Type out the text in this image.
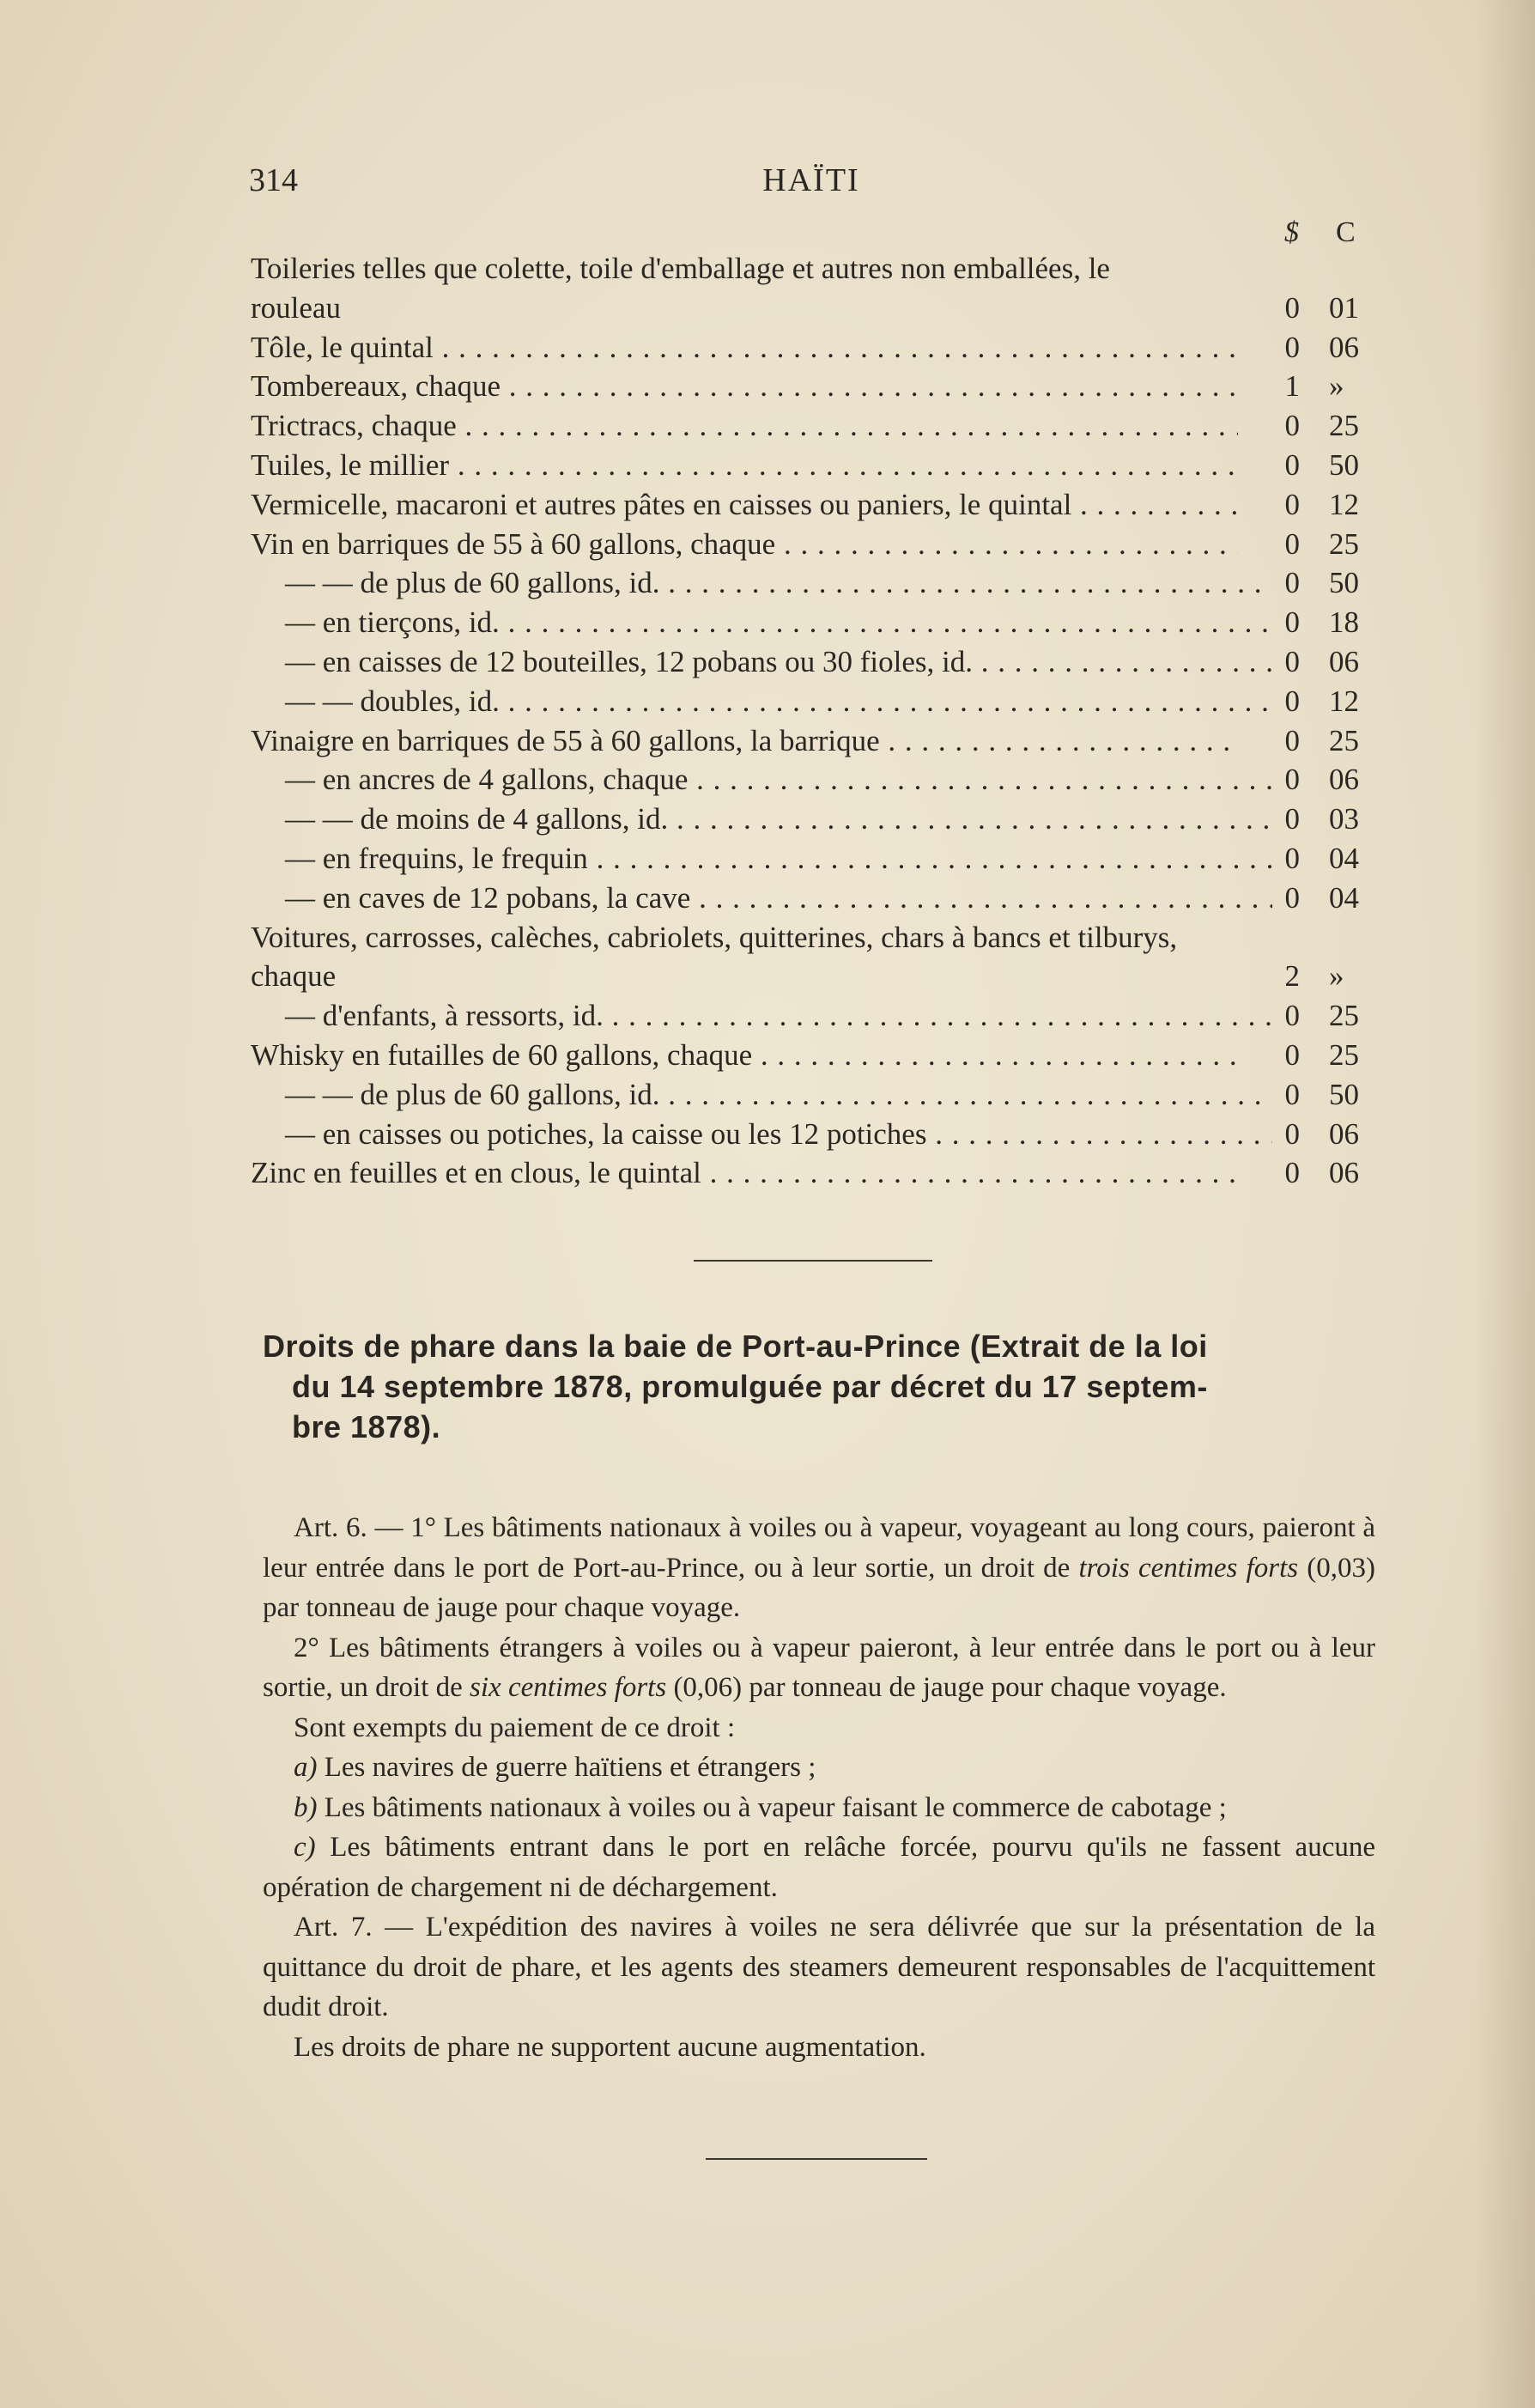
314	HAÏTI
$ C
Toileries telles que colette, toile d'emballage et autres non emballées, le rouleau	0 01
Tôle, le quintal . . .	0 06
Tombereaux, chaque . . .	1 »
Trictracs, chaque . . .	0 25
Tuiles, le millier . . .	0 50
Vermicelle, macaroni et autres pâtes en caisses ou paniers, le quintal . . .	0 12
Vin en barriques de 55 à 60 gallons, chaque . . .	0 25
— — de plus de 60 gallons, id. . . .	0 50
— en tierçons, id. . . .	0 18
— en caisses de 12 bouteilles, 12 pobans ou 30 fioles, id. . . .	0 06
— — doubles, id. . . .	0 12
Vinaigre en barriques de 55 à 60 gallons, la barrique . . .	0 25
— en ancres de 4 gallons, chaque . . .	0 06
— — de moins de 4 gallons, id. . . .	0 03
— en frequins, le frequin . . .	0 04
— en caves de 12 pobans, la cave . . .	0 04
Voitures, carrosses, calèches, cabriolets, quitterines, chars à bancs et tilburys, chaque	2 »
— d'enfants, à ressorts, id. . . .	0 25
Whisky en futailles de 60 gallons, chaque . . .	0 25
— — de plus de 60 gallons, id. . . .	0 50
— en caisses ou potiches, la caisse ou les 12 potiches . . .	0 06
Zinc en feuilles et en clous, le quintal . . .	0 06
Droits de phare dans la baie de Port-au-Prince (Extrait de la loi
du 14 septembre 1878, promulguée par décret du 17 septem-
bre 1878).

Art. 6. — 1° Les bâtiments nationaux à voiles ou à vapeur, voyageant au long cours, paieront à leur entrée dans le port de Port-au-Prince, ou à leur sortie, un droit de trois centimes forts (0,03) par tonneau de jauge pour chaque voyage.

2° Les bâtiments étrangers à voiles ou à vapeur paieront, à leur entrée dans le port ou à leur sortie, un droit de six centimes forts (0,06) par tonneau de jauge pour chaque voyage.

Sont exempts du paiement de ce droit :

a) Les navires de guerre haïtiens et étrangers ;

b) Les bâtiments nationaux à voiles ou à vapeur faisant le commerce de cabotage ;

c) Les bâtiments entrant dans le port en relâche forcée, pourvu qu'ils ne fassent aucune opération de chargement ni de déchargement.

Art. 7. — L'expédition des navires à voiles ne sera délivrée que sur la présentation de la quittance du droit de phare, et les agents des steamers demeurent responsables de l'acquittement dudit droit.

Les droits de phare ne supportent aucune augmentation.
